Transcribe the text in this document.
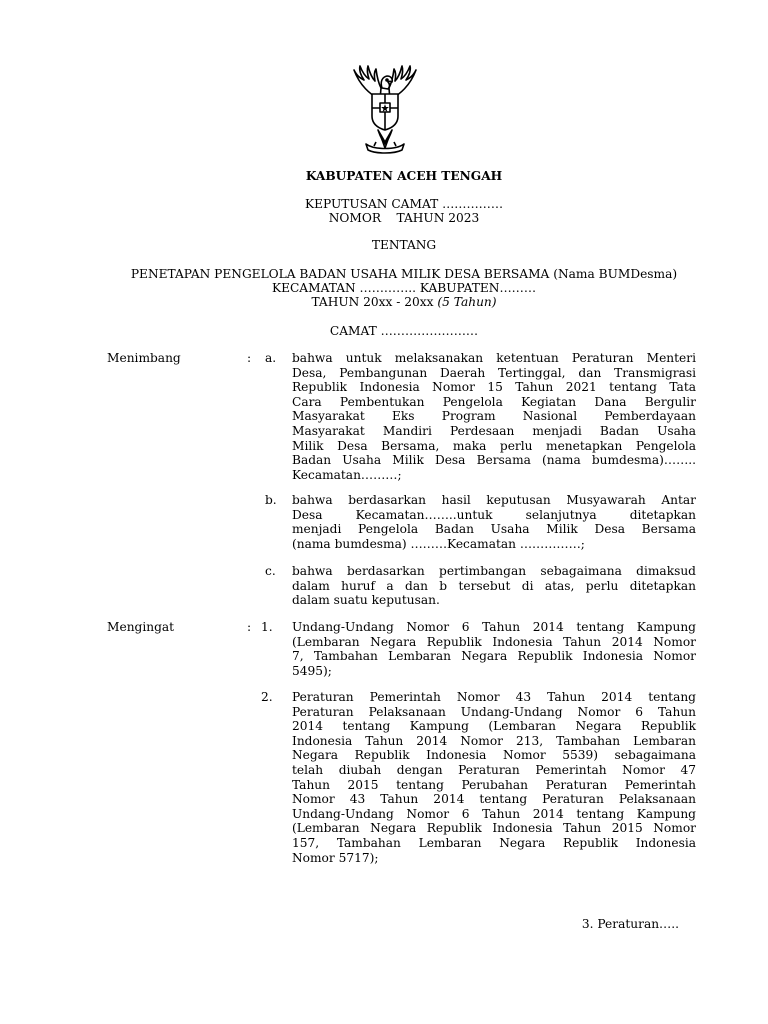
KABUPATEN ACEH TENGAH
KEPUTUSAN CAMAT ……………
NOMOR    TAHUN 2023
TENTANG
PENETAPAN PENGELOLA BADAN USAHA MILIK DESA BERSAMA (Nama BUMDesma)
KECAMATAN ………….. KABUPATEN………
TAHUN 20xx - 20xx (5 Tahun)
CAMAT ……………………
Menimbang	: a. bahwa untuk melaksanakan ketentuan Peraturan Menteri
Desa, Pembangunan Daerah Tertinggal, dan Transmigrasi
Republik Indonesia Nomor 15 Tahun 2021 tentang Tata
Cara Pembentukan Pengelola Kegiatan Dana Bergulir
Masyarakat Eks Program Nasional Pemberdayaan
Masyarakat Mandiri Perdesaan menjadi Badan Usaha
Milik Desa Bersama, maka perlu menetapkan Pengelola
Badan Usaha Milik Desa Bersama (nama bumdesma)……..
Kecamatan………;
b. bahwa berdasarkan hasil keputusan Musyawarah Antar
Desa Kecamatan……..untuk selanjutnya ditetapkan
menjadi Pengelola Badan Usaha Milik Desa Bersama
(nama bumdesma) ………Kecamatan ……………;
c. bahwa berdasarkan pertimbangan sebagaimana dimaksud
dalam huruf a dan b tersebut di atas, perlu ditetapkan
dalam suatu keputusan.
Mengingat	: 1. Undang-Undang Nomor 6 Tahun 2014 tentang Kampung
(Lembaran Negara Republik Indonesia Tahun 2014 Nomor
7, Tambahan Lembaran Negara Republik Indonesia Nomor
5495);
2. Peraturan Pemerintah Nomor 43 Tahun 2014 tentang
Peraturan Pelaksanaan Undang-Undang Nomor 6 Tahun
2014 tentang Kampung (Lembaran Negara Republik
Indonesia Tahun 2014 Nomor 213, Tambahan Lembaran
Negara Republik Indonesia Nomor 5539) sebagaimana
telah diubah dengan Peraturan Pemerintah Nomor 47
Tahun 2015 tentang Perubahan Peraturan Pemerintah
Nomor 43 Tahun 2014 tentang Peraturan Pelaksanaan
Undang-Undang Nomor 6 Tahun 2014 tentang Kampung
(Lembaran Negara Republik Indonesia Tahun 2015 Nomor
157, Tambahan Lembaran Negara Republik Indonesia
Nomor 5717);
3. Peraturan…..
